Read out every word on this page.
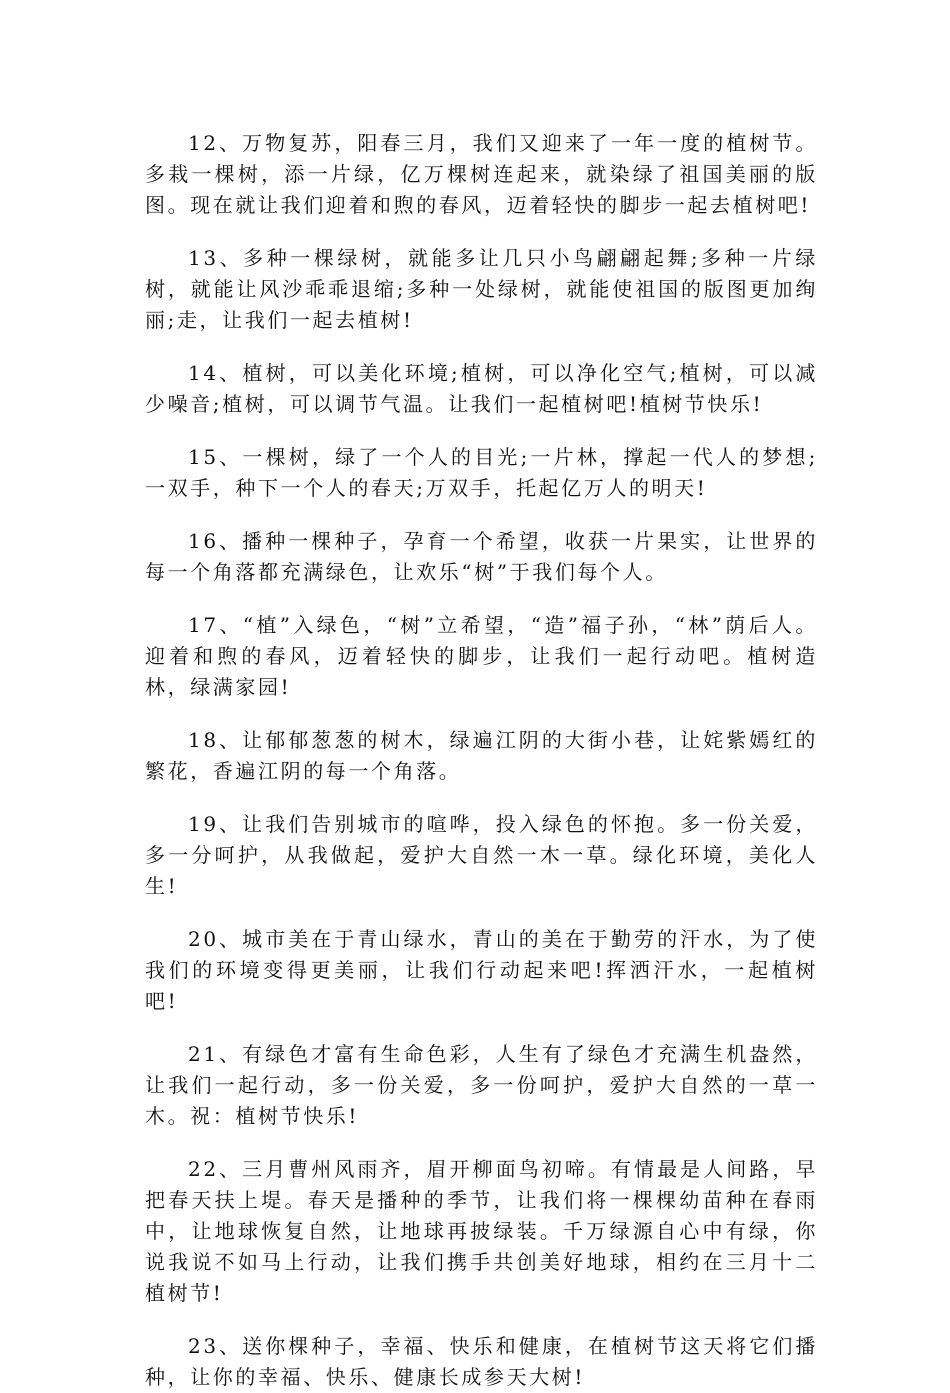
12、万物复苏，阳春三月，我们又迎来了一年一度的植树节。多栽一棵树，添一片绿，亿万棵树连起来，就染绿了祖国美丽的版图。现在就让我们迎着和煦的春风，迈着轻快的脚步一起去植树吧!

13、多种一棵绿树，就能多让几只小鸟翩翩起舞;多种一片绿树，就能让风沙乖乖退缩;多种一处绿树，就能使祖国的版图更加绚丽;走，让我们一起去植树!

14、植树，可以美化环境;植树，可以净化空气;植树，可以减少噪音;植树，可以调节气温。让我们一起植树吧!植树节快乐!

15、一棵树，绿了一个人的目光;一片林，撑起一代人的梦想;一双手，种下一个人的春天;万双手，托起亿万人的明天!

16、播种一棵种子，孕育一个希望，收获一片果实，让世界的每一个角落都充满绿色，让欢乐“树”于我们每个人。

17、“植”入绿色，“树”立希望，“造”福子孙，“林”荫后人。迎着和煦的春风，迈着轻快的脚步，让我们一起行动吧。植树造林，绿满家园!

18、让郁郁葱葱的树木，绿遍江阴的大街小巷，让姹紫嫣红的繁花，香遍江阴的每一个角落。

19、让我们告别城市的喧哗，投入绿色的怀抱。多一份关爱，多一分呵护，从我做起，爱护大自然一木一草。绿化环境，美化人生!

20、城市美在于青山绿水，青山的美在于勤劳的汗水，为了使我们的环境变得更美丽，让我们行动起来吧!挥洒汗水，一起植树吧!

21、有绿色才富有生命色彩，人生有了绿色才充满生机盎然，让我们一起行动，多一份关爱，多一份呵护，爱护大自然的一草一木。祝：植树节快乐!

22、三月曹州风雨齐，眉开柳面鸟初啼。有情最是人间路，早把春天扶上堤。春天是播种的季节，让我们将一棵棵幼苗种在春雨中，让地球恢复自然，让地球再披绿装。千万绿源自心中有绿，你说我说不如马上行动，让我们携手共创美好地球，相约在三月十二植树节!

23、送你棵种子，幸福、快乐和健康，在植树节这天将它们播种，让你的幸福、快乐、健康长成参天大树!
